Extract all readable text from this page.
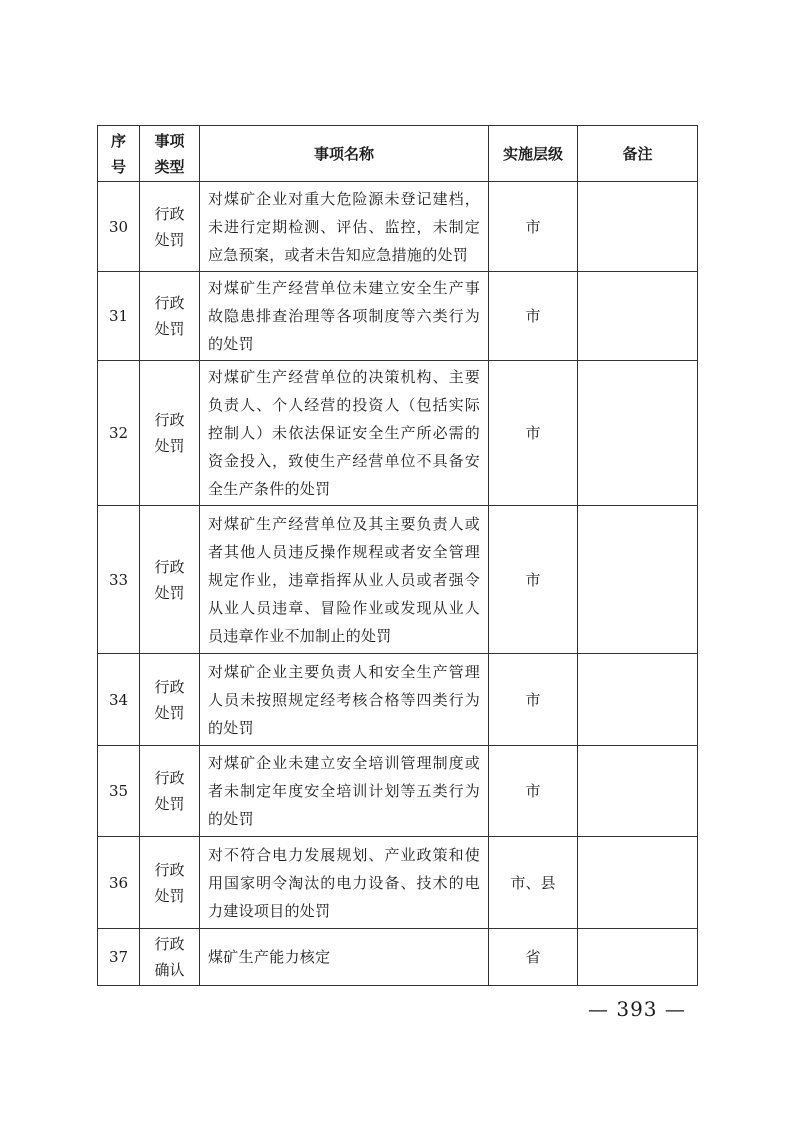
序号	事项类型	事项名称	实施层级	备注
30	行政处罚	对煤矿企业对重大危险源未登记建档，未进行定期检测、评估、监控，未制定应急预案，或者未告知应急措施的处罚	市	
31	行政处罚	对煤矿生产经营单位未建立安全生产事故隐患排查治理等各项制度等六类行为的处罚	市	
32	行政处罚	对煤矿生产经营单位的决策机构、主要负责人、个人经营的投资人（包括实际控制人）未依法保证安全生产所必需的资金投入，致使生产经营单位不具备安全生产条件的处罚	市	
33	行政处罚	对煤矿生产经营单位及其主要负责人或者其他人员违反操作规程或者安全管理规定作业，违章指挥从业人员或者强令从业人员违章、冒险作业或发现从业人员违章作业不加制止的处罚	市	
34	行政处罚	对煤矿企业主要负责人和安全生产管理人员未按照规定经考核合格等四类行为的处罚	市	
35	行政处罚	对煤矿企业未建立安全培训管理制度或者未制定年度安全培训计划等五类行为的处罚	市	
36	行政处罚	对不符合电力发展规划、产业政策和使用国家明令淘汰的电力设备、技术的电力建设项目的处罚	市、县	
37	行政确认	煤矿生产能力核定	省	
— 393 —
